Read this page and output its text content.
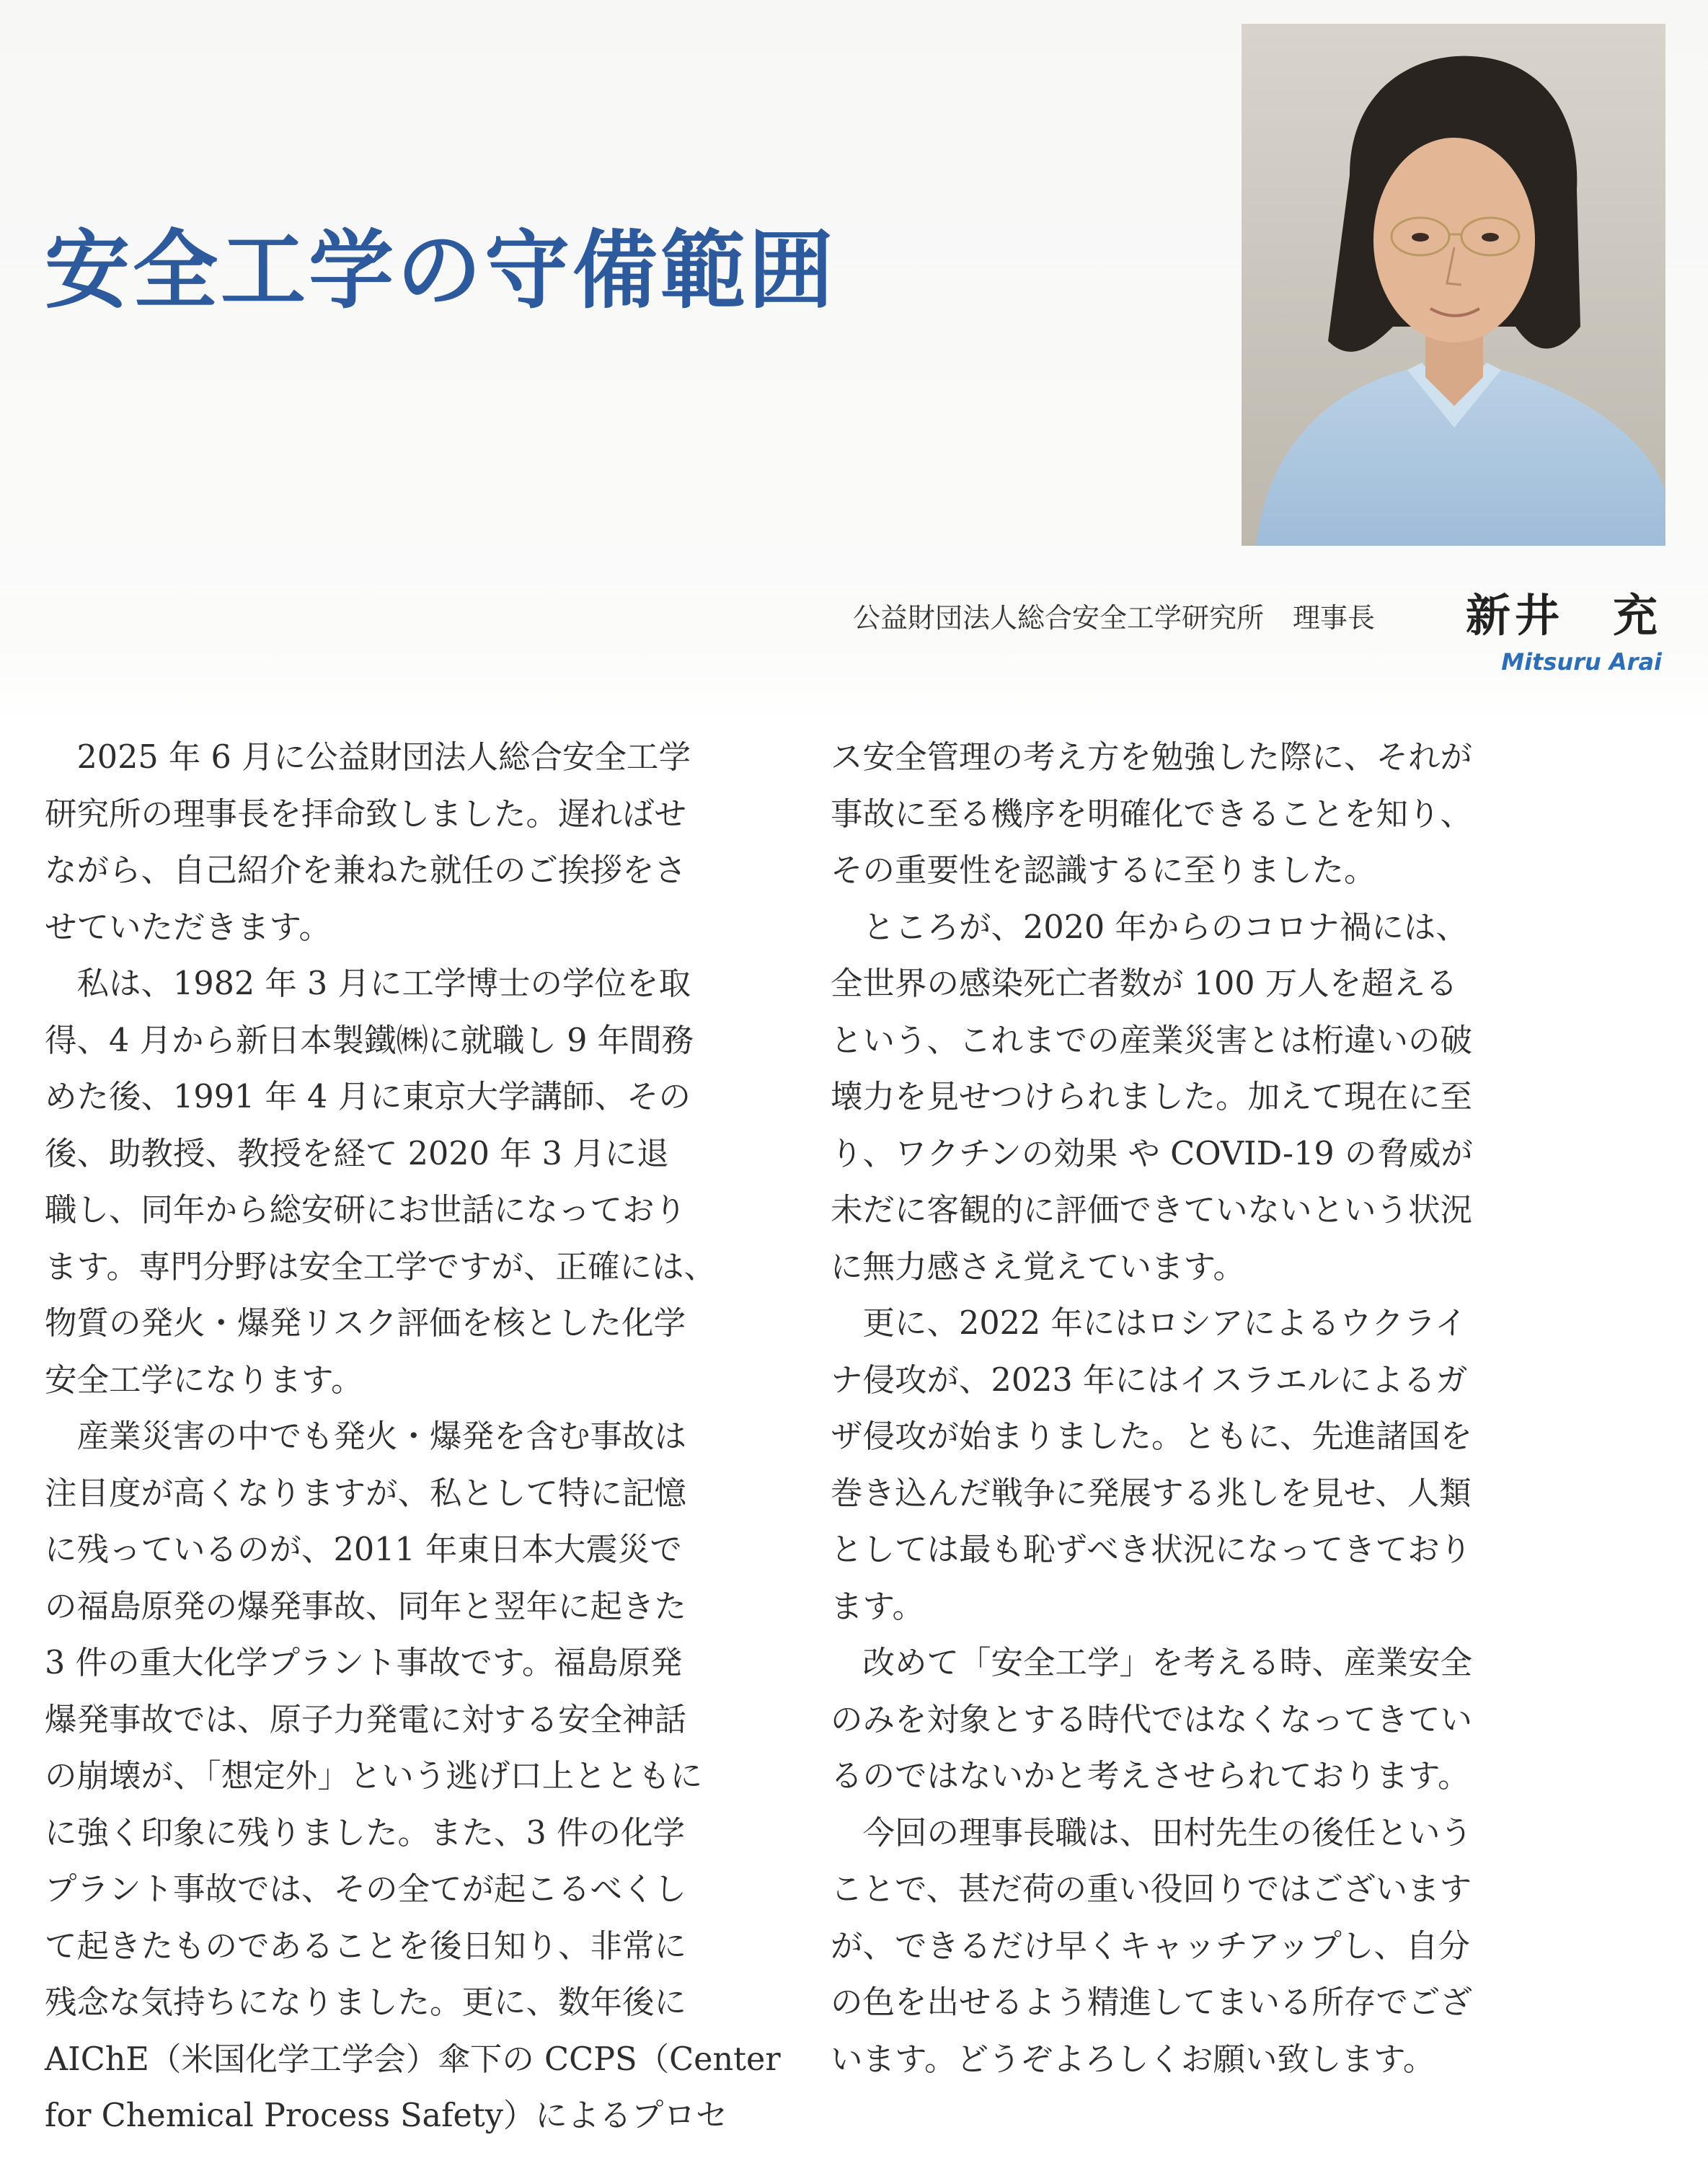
安全工学の守備範囲
公益財団法人総合安全工学研究所 理事長 新井　充
Mitsuru Arai
　2025 年 6 月に公益財団法人総合安全工学
研究所の理事長を拝命致しました。遅ればせ
ながら、自己紹介を兼ねた就任のご挨拶をさ
せていただきます。
　私は、1982 年 3 月に工学博士の学位を取
得、4 月から新日本製鐵㈱に就職し 9 年間務
めた後、1991 年 4 月に東京大学講師、その
後、助教授、教授を経て 2020 年 3 月に退
職し、同年から総安研にお世話になっており
ます。専門分野は安全工学ですが、正確には、
物質の発火・爆発リスク評価を核とした化学
安全工学になります。
　産業災害の中でも発火・爆発を含む事故は
注目度が高くなりますが、私として特に記憶
に残っているのが、2011 年東日本大震災で
の福島原発の爆発事故、同年と翌年に起きた
3 件の重大化学プラント事故です。福島原発
爆発事故では、原子力発電に対する安全神話
の崩壊が、「想定外」という逃げ口上とともに
に強く印象に残りました。また、3 件の化学
プラント事故では、その全てが起こるべくし
て起きたものであることを後日知り、非常に
残念な気持ちになりました。更に、数年後に
AIChE（米国化学工学会）傘下の CCPS（Center
for Chemical Process Safety）によるプロセ
ス安全管理の考え方を勉強した際に、それが
事故に至る機序を明確化できることを知り、
その重要性を認識するに至りました。
　ところが、2020 年からのコロナ禍には、
全世界の感染死亡者数が 100 万人を超える
という、これまでの産業災害とは桁違いの破
壊力を見せつけられました。加えて現在に至
り、ワクチンの効果 や COVID-19 の脅威が
未だに客観的に評価できていないという状況
に無力感さえ覚えています。
　更に、2022 年にはロシアによるウクライ
ナ侵攻が、2023 年にはイスラエルによるガ
ザ侵攻が始まりました。ともに、先進諸国を
巻き込んだ戦争に発展する兆しを見せ、人類
としては最も恥ずべき状況になってきており
ます。
　改めて「安全工学」を考える時、産業安全
のみを対象とする時代ではなくなってきてい
るのではないかと考えさせられております。
　今回の理事長職は、田村先生の後任という
ことで、甚だ荷の重い役回りではございます
が、できるだけ早くキャッチアップし、自分
の色を出せるよう精進してまいる所存でござ
います。どうぞよろしくお願い致します。
